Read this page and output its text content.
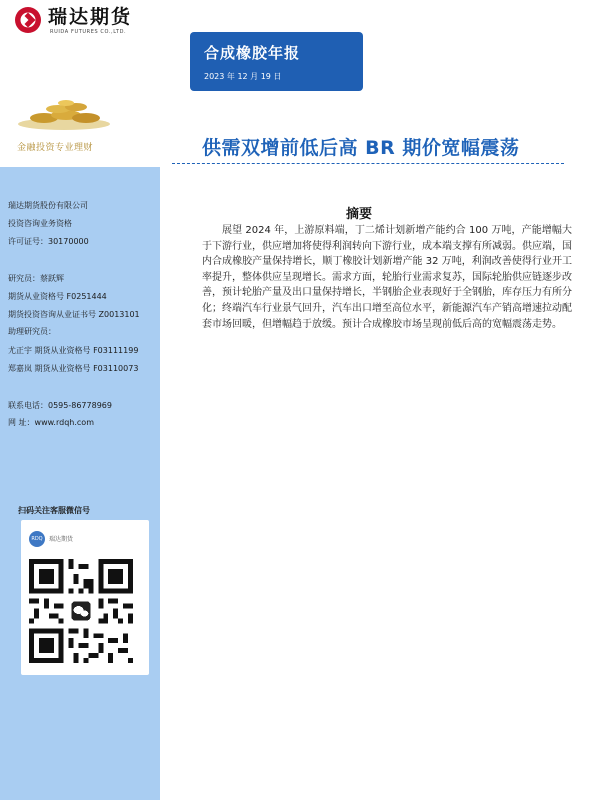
瑞达期货
RUIDA FUTURES CO.,LTD.
合成橡胶年报
2023 年 12 月 19 日
金融投资专业理财	供需双增前低后高 BR 期价宽幅震荡
瑞达期货股份有限公司
投资咨询业务资格
许可证号：30170000
研究员：蔡跃辉
期货从业资格号 F0251444
期货投资咨询从业证书号 Z0013101
助理研究员：
尤正宇 期货从业资格号 F03111199
郑嘉岚 期货从业资格号 F03110073
联系电话：0595-86778969
网 址：www.rdqh.com
扫码关注客服微信号
RDQ	瑞达期货
摘要
展望 2024 年，上游原料端，丁二烯计划新增产能约合 100 万吨，产能增幅大于下游行业，供应增加将使得利润转向下游行业，成本端支撑有所减弱。供应端，国内合成橡胶产量保持增长，顺丁橡胶计划新增产能 32 万吨，利润改善使得行业开工率提升，整体供应呈现增长。需求方面，轮胎行业需求复苏，国际轮胎供应链逐步改善，预计轮胎产量及出口量保持增长，半钢胎企业表现好于全钢胎，库存压力有所分化；终端汽车行业景气回升，汽车出口增至高位水平，新能源汽车产销高增速拉动配套市场回暖，但增幅趋于放缓。预计合成橡胶市场呈现前低后高的宽幅震荡走势。
